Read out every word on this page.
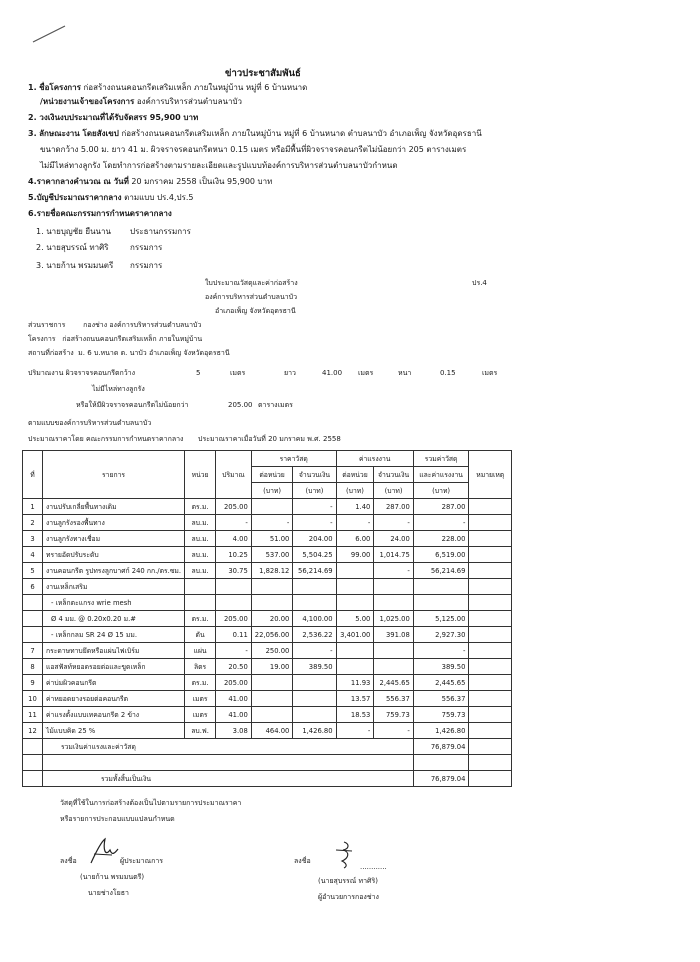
ข่าวประชาสัมพันธ์
1. ชื่อโครงการ ก่อสร้างถนนคอนกรีตเสริมเหล็ก ภายในหมู่บ้าน หมู่ที่ 6 บ้านหนาด
/หน่วยงานเจ้าของโครงการ องค์การบริหารส่วนตำบลนาบัว
2. วงเงินงบประมาณที่ได้รับจัดสรร 95,900 บาท
3. ลักษณะงาน โดยสังเขป ก่อสร้างถนนคอนกรีตเสริมเหล็ก ภายในหมู่บ้าน หมู่ที่ 6 บ้านหนาด ตำบลนาบัว อำเภอเพ็ญ จังหวัดอุดรธานี
ขนาดกว้าง 5.00 ม. ยาว 41 ม. ผิวจราจรคอนกรีตหนา 0.15 เมตร หรือมีพื้นที่ผิวจราจรคอนกรีตไม่น้อยกว่า 205 ตารางเมตร
ไม่มีไหล่ทางลูกรัง โดยทำการก่อสร้างตามรายละเอียดและรูปแบบท้องค์การบริหารส่วนตำบลนาบัวกำหนด
4.ราคากลางคำนวณ ณ วันที่ 20 มกราคม 2558 เป็นเงิน 95,900 บาท
5.บัญชีประมาณราคากลาง ตามแบบ ปร.4,ปร.5
6.รายชื่อคณะกรรมการกำหนดราคากลาง
1. นายบุญชัย ยืนนาน ประธานกรรมการ
2. นายสุบรรณ์ ทาศิริ	กรรมการ
3. นายก้าน พรมมนตรี กรรมการ
ใบประมาณวัสดุและค่าก่อสร้าง	ปร.4
องค์การบริหารส่วนตำบลนาบัว
อำเภอเพ็ญ จังหวัดอุดรธานี
ส่วนราชการ	กองช่าง องค์การบริหารส่วนตำบลนาบัว
โครงการ ก่อสร้างถนนคอนกรีตเสริมเหล็ก ภายในหมู่บ้าน
สถานที่ก่อสร้าง ม. 6 บ.หนาด ต. นาบัว อำเภอเพ็ญ จังหวัดอุดรธานี
ปริมาณงาน ผิวจราจรคอนกรีตกว้าง	5	เมตร	ยาว	41.00 เมตร	หนา	0.15	เมตร
ไม่มีไหล่ทางลูกรัง
หรือให้มีผิวจราจรคอนกรีตไม่น้อยกว่า	205.00 ตารางเมตร
ตามแบบของค์การบริหารส่วนตำบลนาบัว
ประมาณราคาโดย คณะกรรมการกำหนดราคากลาง ประมาณราคาเมื่อวันที่ 20 มกราคม พ.ศ. 2558
ที่	รายการ	หน่วย	ปริมาณ	ราคาวัสดุ		ค่าแรงงาน		รวมค่าวัสดุ	หมายเหตุ
				ต่อหน่วย	จำนวนเงิน	ต่อหน่วย	จำนวนเงิน	และค่าแรงงาน	
				(บาท)	(บาท)	(บาท)	(บาท)	(บาท)	
1	งานปรับเกลี่ยพื้นทางเดิม	ตร.ม.	205.00		-	1.40	287.00	287.00	
2	งานลูกรังรองพื้นทาง	ลบ.ม.	-	-	-	-	-	-	
3	งานลูกรังทางเชื่อม	ลบ.ม.	4.00	51.00	204.00	6.00	24.00	228.00	
4	ทรายอัดปรับระดับ	ลบ.ม.	10.25	537.00	5,504.25	99.00	1,014.75	6,519.00	
5	งานคอนกรีต รูปทรงลูกบาศก์ 240 กก./ตร.ซม.	ลบ.ม.	30.75	1,828.12	56,214.69		-	56,214.69	
6	งานเหล็กเสริม								
	- เหล็กตะแกรง wrie mesh								
	Ø 4 มม. @ 0.20x0.20 ม.#	ตร.ม.	205.00	20.00	4,100.00	5.00	1,025.00	5,125.00	
	- เหล็กกลม SR 24 Ø 15 มม.	ตัน	0.11	22,056.00	2,536.22	3,401.00	391.08	2,927.30	
7	กระดาษทาบยึดหรือแผ่นไฟเบิร์ม	แผ่น	-	250.00	-			-	
8	แอสฟัลท์หยอดรอยต่อและขูดเหล็ก	ลิตร	20.50	19.00	389.50			389.50	
9	ค่าบ่มผิวคอนกรีต	ตร.ม.	205.00			11.93	2,445.65	2,445.65	
10	ค่าหยอดยางรอยต่อคอนกรีต	เมตร	41.00			13.57	556.37	556.37	
11	ค่าแรงตั้งแบบเทคอนกรีต 2 ข้าง	เมตร	41.00			18.53	759.73	759.73	
12	ไม้แบบคิด 25 %	ลบ.ฟ.	3.08	464.00	1,426.80	-	-	1,426.80	
	รวมเงินค่าแรงและค่าวัสดุ							76,879.04	

	รวมทั้งสิ้นเป็นเงิน							76,879.04	
วัสดุที่ใช้ในการก่อสร้างต้องเป็นไปตามรายการประมาณราคา
หรือรายการประกอบแบบแปลนกำหนด
ลงชื่อ	ผู้ประมาณการ
(นายก้าน พรมมนตรี)
นายช่างโยธา
ลงชื่อ
............
(นายสุบรรณ์ ทาศิริ)
ผู้อำนวยการกองช่าง
